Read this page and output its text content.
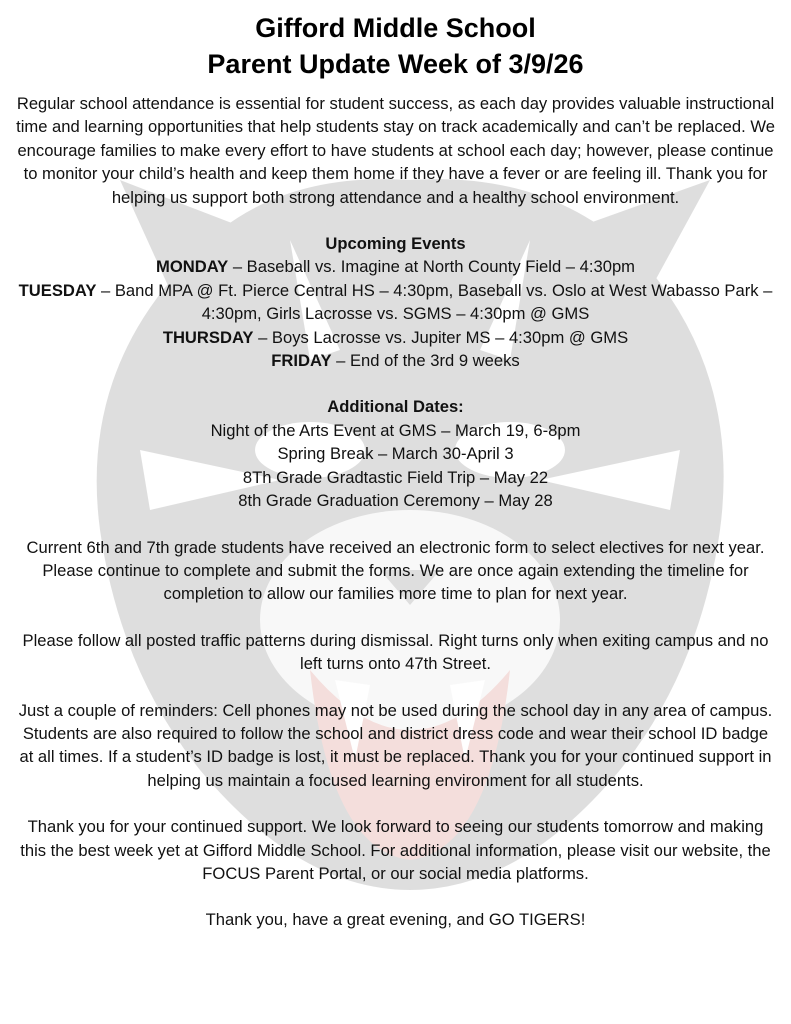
Gifford Middle School
Parent Update Week of 3/9/26

Regular school attendance is essential for student success, as each day provides valuable instructional time and learning opportunities that help students stay on track academically and can’t be replaced. We encourage families to make every effort to have students at school each day; however, please continue to monitor your child’s health and keep them home if they have a fever or are feeling ill. Thank you for helping us support both strong attendance and a healthy school environment.

Upcoming Events

MONDAY – Baseball vs. Imagine at North County Field – 4:30pm

TUESDAY – Band MPA @ Ft. Pierce Central HS – 4:30pm, Baseball vs. Oslo at West Wabasso Park – 4:30pm, Girls Lacrosse vs. SGMS – 4:30pm @ GMS

THURSDAY – Boys Lacrosse vs. Jupiter MS – 4:30pm @ GMS

FRIDAY – End of the 3rd 9 weeks

Additional Dates:

Night of the Arts Event at GMS – March 19, 6-8pm

Spring Break – March 30-April 3

8Th Grade Gradtastic Field Trip – May 22

8th Grade Graduation Ceremony – May 28

Current 6th and 7th grade students have received an electronic form to select electives for next year. Please continue to complete and submit the forms. We are once again extending the timeline for completion to allow our families more time to plan for next year.

Please follow all posted traffic patterns during dismissal. Right turns only when exiting campus and no left turns onto 47th Street.

Just a couple of reminders: Cell phones may not be used during the school day in any area of campus. Students are also required to follow the school and district dress code and wear their school ID badge at all times. If a student’s ID badge is lost, it must be replaced. Thank you for your continued support in helping us maintain a focused learning environment for all students.

Thank you for your continued support. We look forward to seeing our students tomorrow and making this the best week yet at Gifford Middle School. For additional information, please visit our website, the FOCUS Parent Portal, or our social media platforms.

Thank you, have a great evening, and GO TIGERS!
